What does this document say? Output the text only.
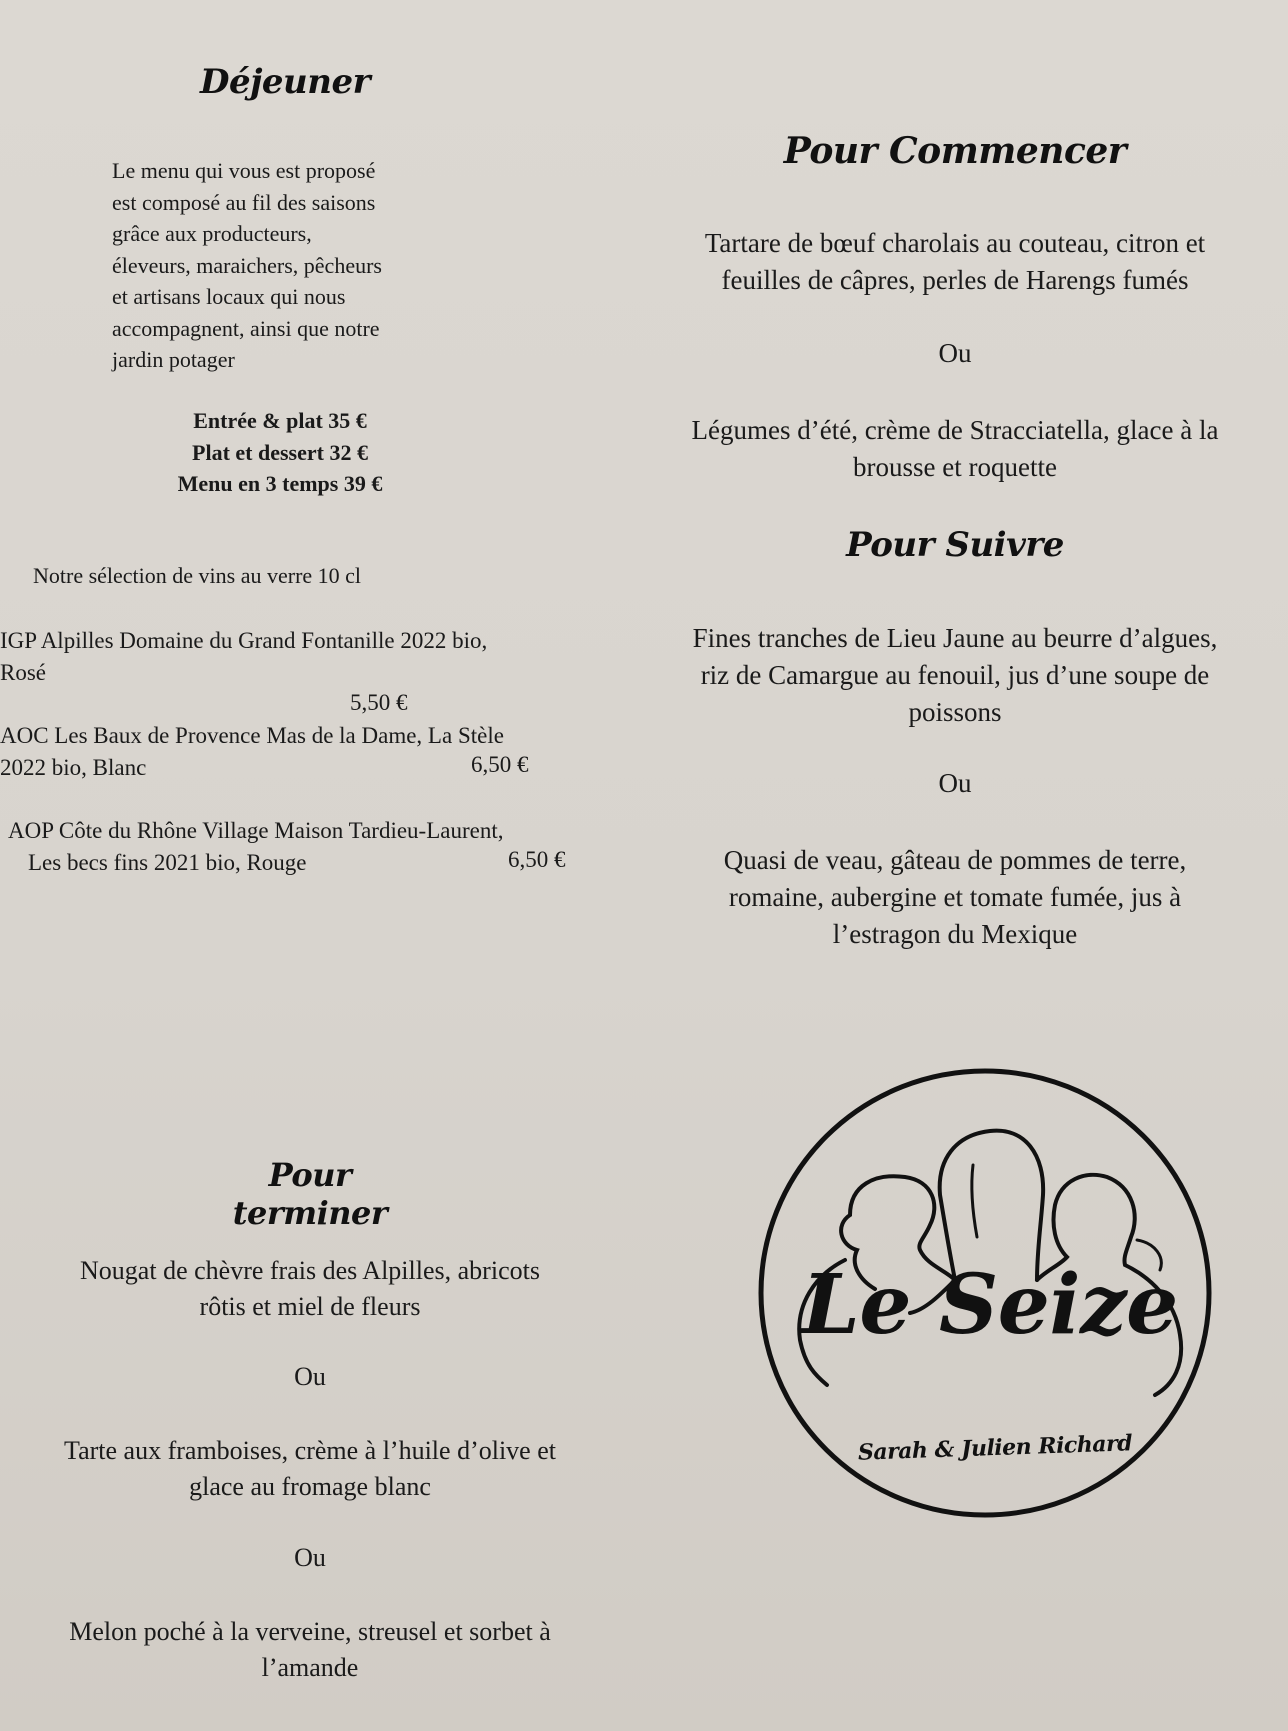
Déjeuner
Le menu qui vous est proposé
est composé au fil des saisons
grâce aux producteurs,
éleveurs, maraichers, pêcheurs
et artisans locaux qui nous
accompagnent, ainsi que notre
jardin potager
Entrée & plat 35 €
Plat et dessert 32 €
Menu en 3 temps 39 €
Notre sélection de vins au verre 10 cl
IGP Alpilles Domaine du Grand Fontanille 2022 bio,
Rosé
5,50 €
AOC Les Baux de Provence Mas de la Dame, La Stèle
2022 bio, Blanc	6,50 €
AOP Côte du Rhône Village Maison Tardieu-Laurent,
Les becs fins 2021 bio, Rouge	6,50 €
Pour terminer
Nougat de chèvre frais des Alpilles, abricots
rôtis et miel de fleurs
Ou
Tarte aux framboises, crème à l’huile d’olive et
glace au fromage blanc
Ou
Melon poché à la verveine, streusel et sorbet à
l’amande
Pour Commencer
Tartare de bœuf charolais au couteau, citron et
feuilles de câpres, perles de Harengs fumés
Ou
Légumes d’été, crème de Stracciatella, glace à la
brousse et roquette
Pour Suivre
Fines tranches de Lieu Jaune au beurre d’algues,
riz de Camargue au fenouil, jus d’une soupe de
poissons
Ou
Quasi de veau, gâteau de pommes de terre,
romaine, aubergine et tomate fumée, jus à
l’estragon du Mexique
Le Seize
Sarah & Julien Richard
